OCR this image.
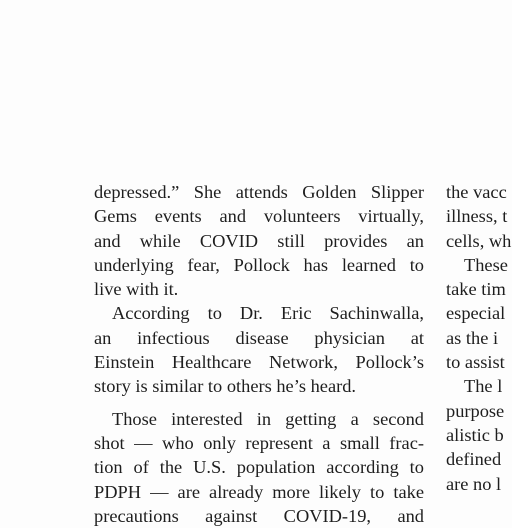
depressed.” She attends Golden Slipper
Gems events and volunteers virtually,
and while COVID still provides an
underlying fear, Pollock has learned to
live with it.
According to Dr. Eric Sachinwalla,
an infectious disease physician at
Einstein Healthcare Network, Pollock’s
story is similar to others he’s heard.
Those interested in getting a second
shot — who only represent a small frac-
tion of the U.S. population according to
PDPH — are already more likely to take
precautions against COVID-19, and
the vacc
illness, t
cells, wh
These
take tim
especial
as the i
to assist
The l
purpose
alistic b
defined
are no l
